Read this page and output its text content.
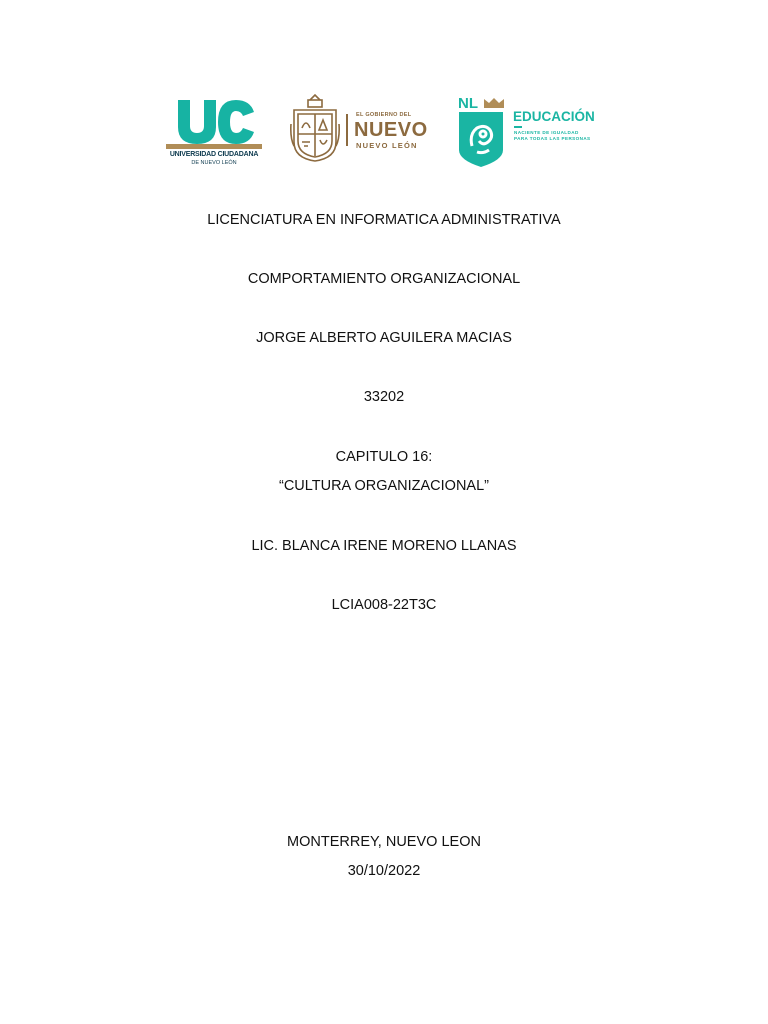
UNIVERSIDAD CIUDADANA
DE NUEVO LEÓN
EL GOBIERNO DEL
NUEVO
NUEVO LEÓN
NL
EDUCACIÓN
NACIENTE DE IGUALDAD
PARA TODAS LAS PERSONAS
LICENCIATURA EN INFORMATICA ADMINISTRATIVA
COMPORTAMIENTO ORGANIZACIONAL
JORGE ALBERTO AGUILERA MACIAS
33202
CAPITULO 16:
“CULTURA ORGANIZACIONAL”
LIC. BLANCA IRENE MORENO LLANAS
LCIA008-22T3C
MONTERREY, NUEVO LEON
30/10/2022
